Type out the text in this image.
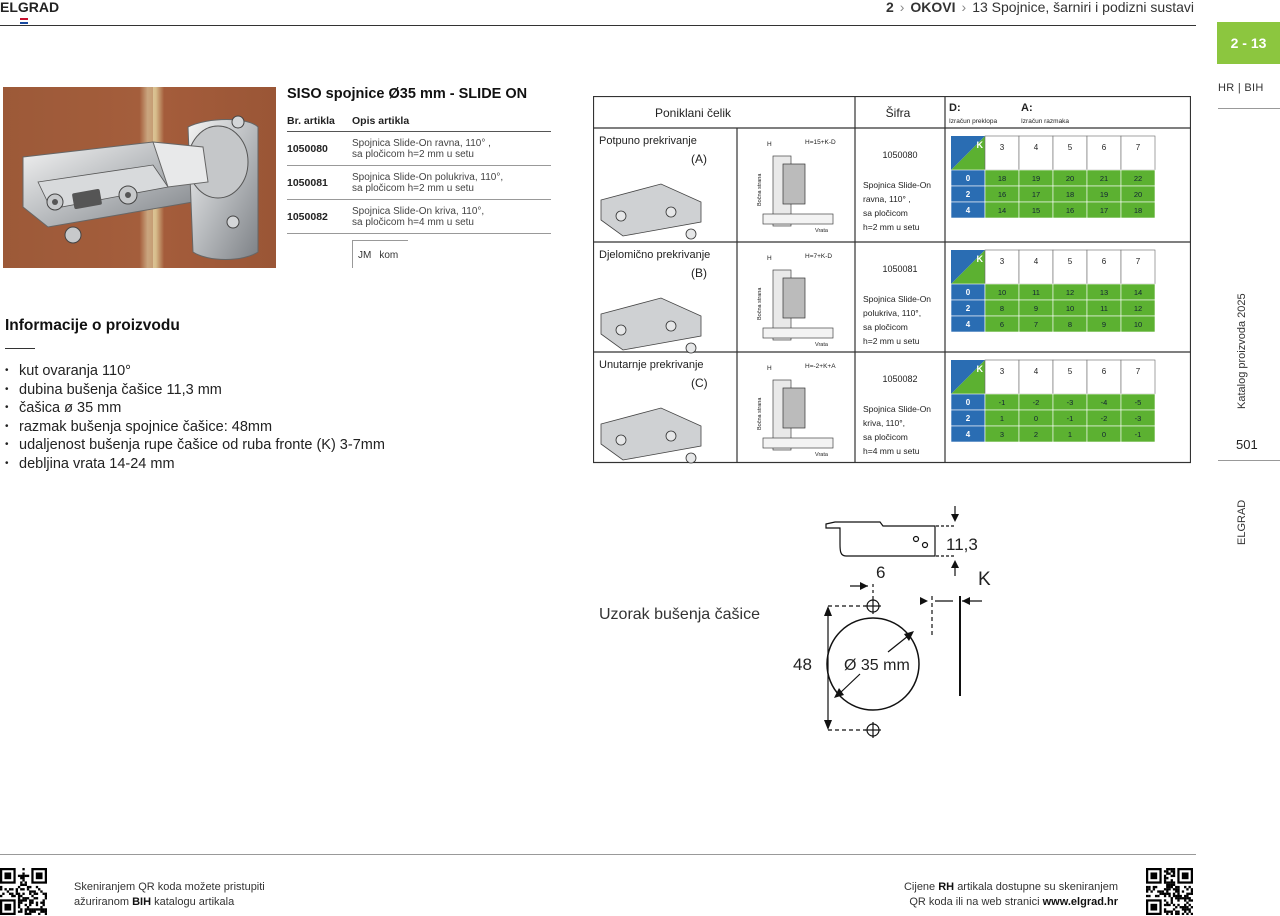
ELGRAD	2 › OKOVI › 13 Spojnice, šarniri i podizni sustavi
2 - 13
HR | BIH
Katalog proizvoda 2025
501
ELGRAD
SISO spojnice Ø35 mm - SLIDE ON
Br. artikla	Opis artikla
1050080	Spojnica Slide-On ravna, 110° ,
sa pločicom h=2 mm u setu
1050081	Spojnica Slide-On polukriva, 110°,
sa pločicom h=2 mm u setu
1050082	Spojnica Slide-On kriva, 110°,
sa pločicom h=4 mm u setu
JM kom
Informacije o proizvodu
• kut ovaranja 110°
• dubina bušenja čašice 11,3 mm
• čašica ø 35 mm
• razmak bušenja spojnice čašice: 48mm
• udaljenost bušenja rupe čašice od ruba fronte (K) 3-7mm
• debljina vrata 14-24 mm
Poniklani čelik	Šifra	D:
Izračun preklopa
A:
Izračun razmaka
Potpuno prekrivanje
(A)
H=15+K-D
H
Bočna strana
Vrata
1050080
Spojnica Slide-On
ravna, 110° ,
sa pločicom
h=2 mm u setu
K 3	4	5	6	7
0	18	19	20	21	22
2	16	17	18	19	20
4	14	15	16	17	18
Djelomično prekrivanje
(B)
H=7+K-D
H
Bočna strana
Vrata
1050081
Spojnica Slide-On
polukriva, 110°,
sa pločicom
h=2 mm u setu
K 3	4	5	6	7
0	10	11	12	13	14
2	8	9	10	11	12
4	6	7	8	9	10
Unutarnje prekrivanje
(C)
H=-2+K+A
H
Bočna strana
Vrata
1050082
Spojnica Slide-On
kriva, 110°,
sa pločicom
h=4 mm u setu
K 3	4	5	6	7
0	-1	-2	-3	-4	-5
2	1	0	-1	-2	-3
4	3	2	1	0	-1
Uzorak bušenja čašice
11,3
K
6
48 Ø 35 mm
Skeniranjem QR koda možete pristupiti
ažuriranom BIH katalogu artikala
Cijene RH artikala dostupne su skeniranjem
QR koda ili na web stranici www.elgrad.hr
